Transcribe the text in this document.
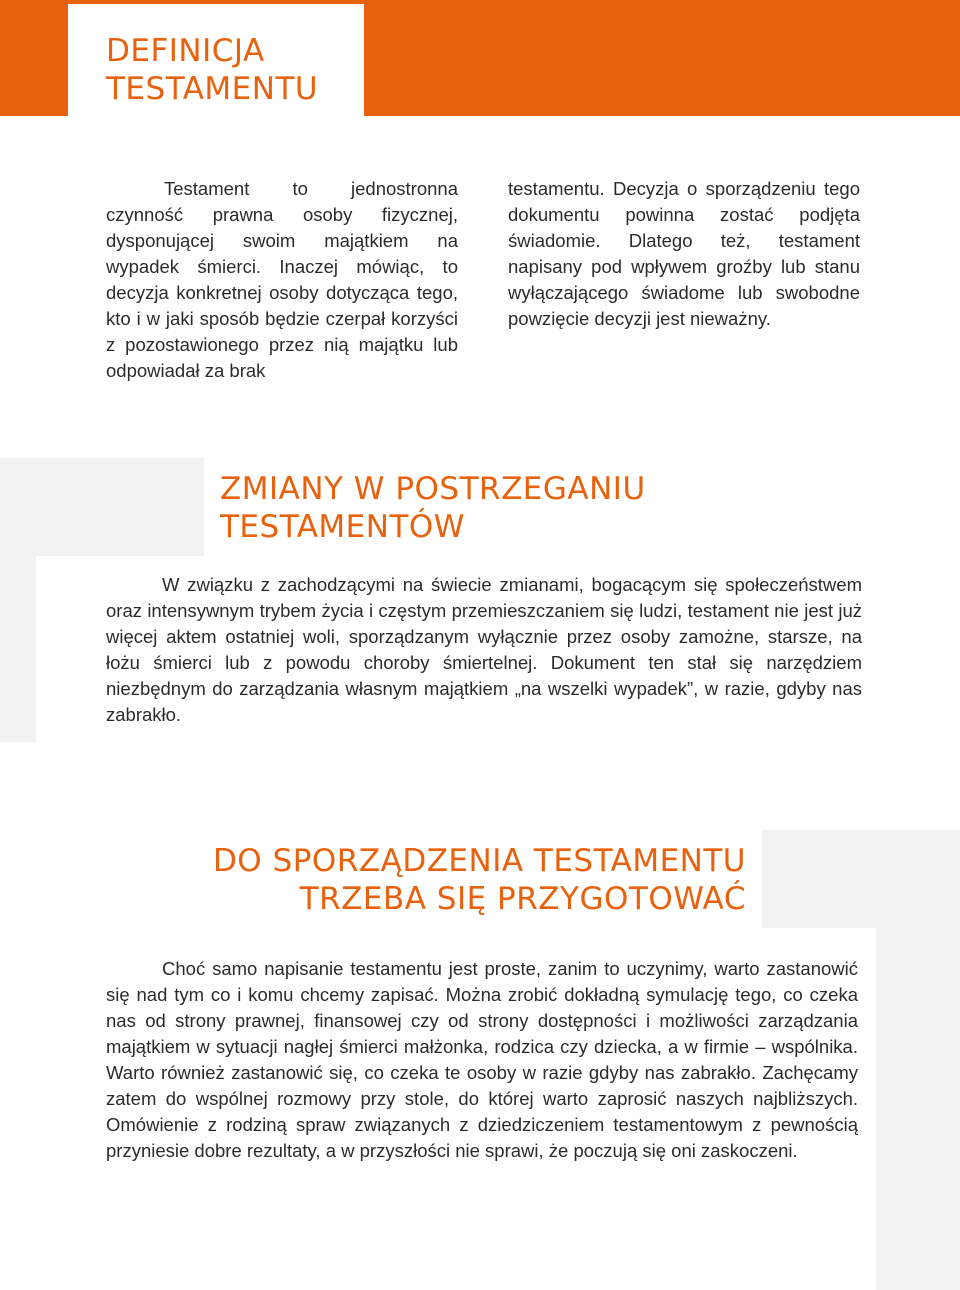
DEFINICJA
TESTAMENTU

Testament to jednostronna czynność prawna osoby fizycznej, dysponującej swoim majątkiem na wypadek śmierci. Inaczej mówiąc, to decyzja konkretnej osoby dotycząca tego, kto i w jaki sposób będzie czerpał korzyści z pozostawionego przez nią majątku lub odpowiadał za brak

testamentu. Decyzja o sporządzeniu tego dokumentu powinna zostać podjęta świadomie. Dlatego też, testament napisany pod wpływem groźby lub stanu wyłączającego świadome lub swobodne powzięcie decyzji jest nieważny.

ZMIANY W POSTRZEGANIU
TESTAMENTÓW

W związku z zachodzącymi na świecie zmianami, bogacącym się społeczeństwem oraz intensywnym trybem życia i częstym przemieszczaniem się ludzi, testament nie jest już więcej aktem ostatniej woli, sporządzanym wyłącznie przez osoby zamożne, starsze, na łożu śmierci lub z powodu choroby śmiertelnej. Dokument ten stał się narzędziem niezbędnym do zarządzania własnym majątkiem „na wszelki wypadek”, w razie, gdyby nas zabrakło.

DO SPORZĄDZENIA TESTAMENTU
TRZEBA SIĘ PRZYGOTOWAĆ

Choć samo napisanie testamentu jest proste, zanim to uczynimy, warto zastanowić się nad tym co i komu chcemy zapisać. Można zrobić dokładną symulację tego, co czeka nas od strony prawnej, finansowej czy od strony dostępności i możliwości zarządzania majątkiem w sytuacji nagłej śmierci małżonka, rodzica czy dziecka, a w firmie – wspólnika. Warto również zastanowić się, co czeka te osoby w razie gdyby nas zabrakło. Zachęcamy zatem do wspólnej rozmowy przy stole, do której warto zaprosić naszych najbliższych. Omówienie z rodziną spraw związanych z dziedziczeniem testamentowym z pewnością przyniesie dobre rezultaty, a w przyszłości nie sprawi, że poczują się oni zaskoczeni.
